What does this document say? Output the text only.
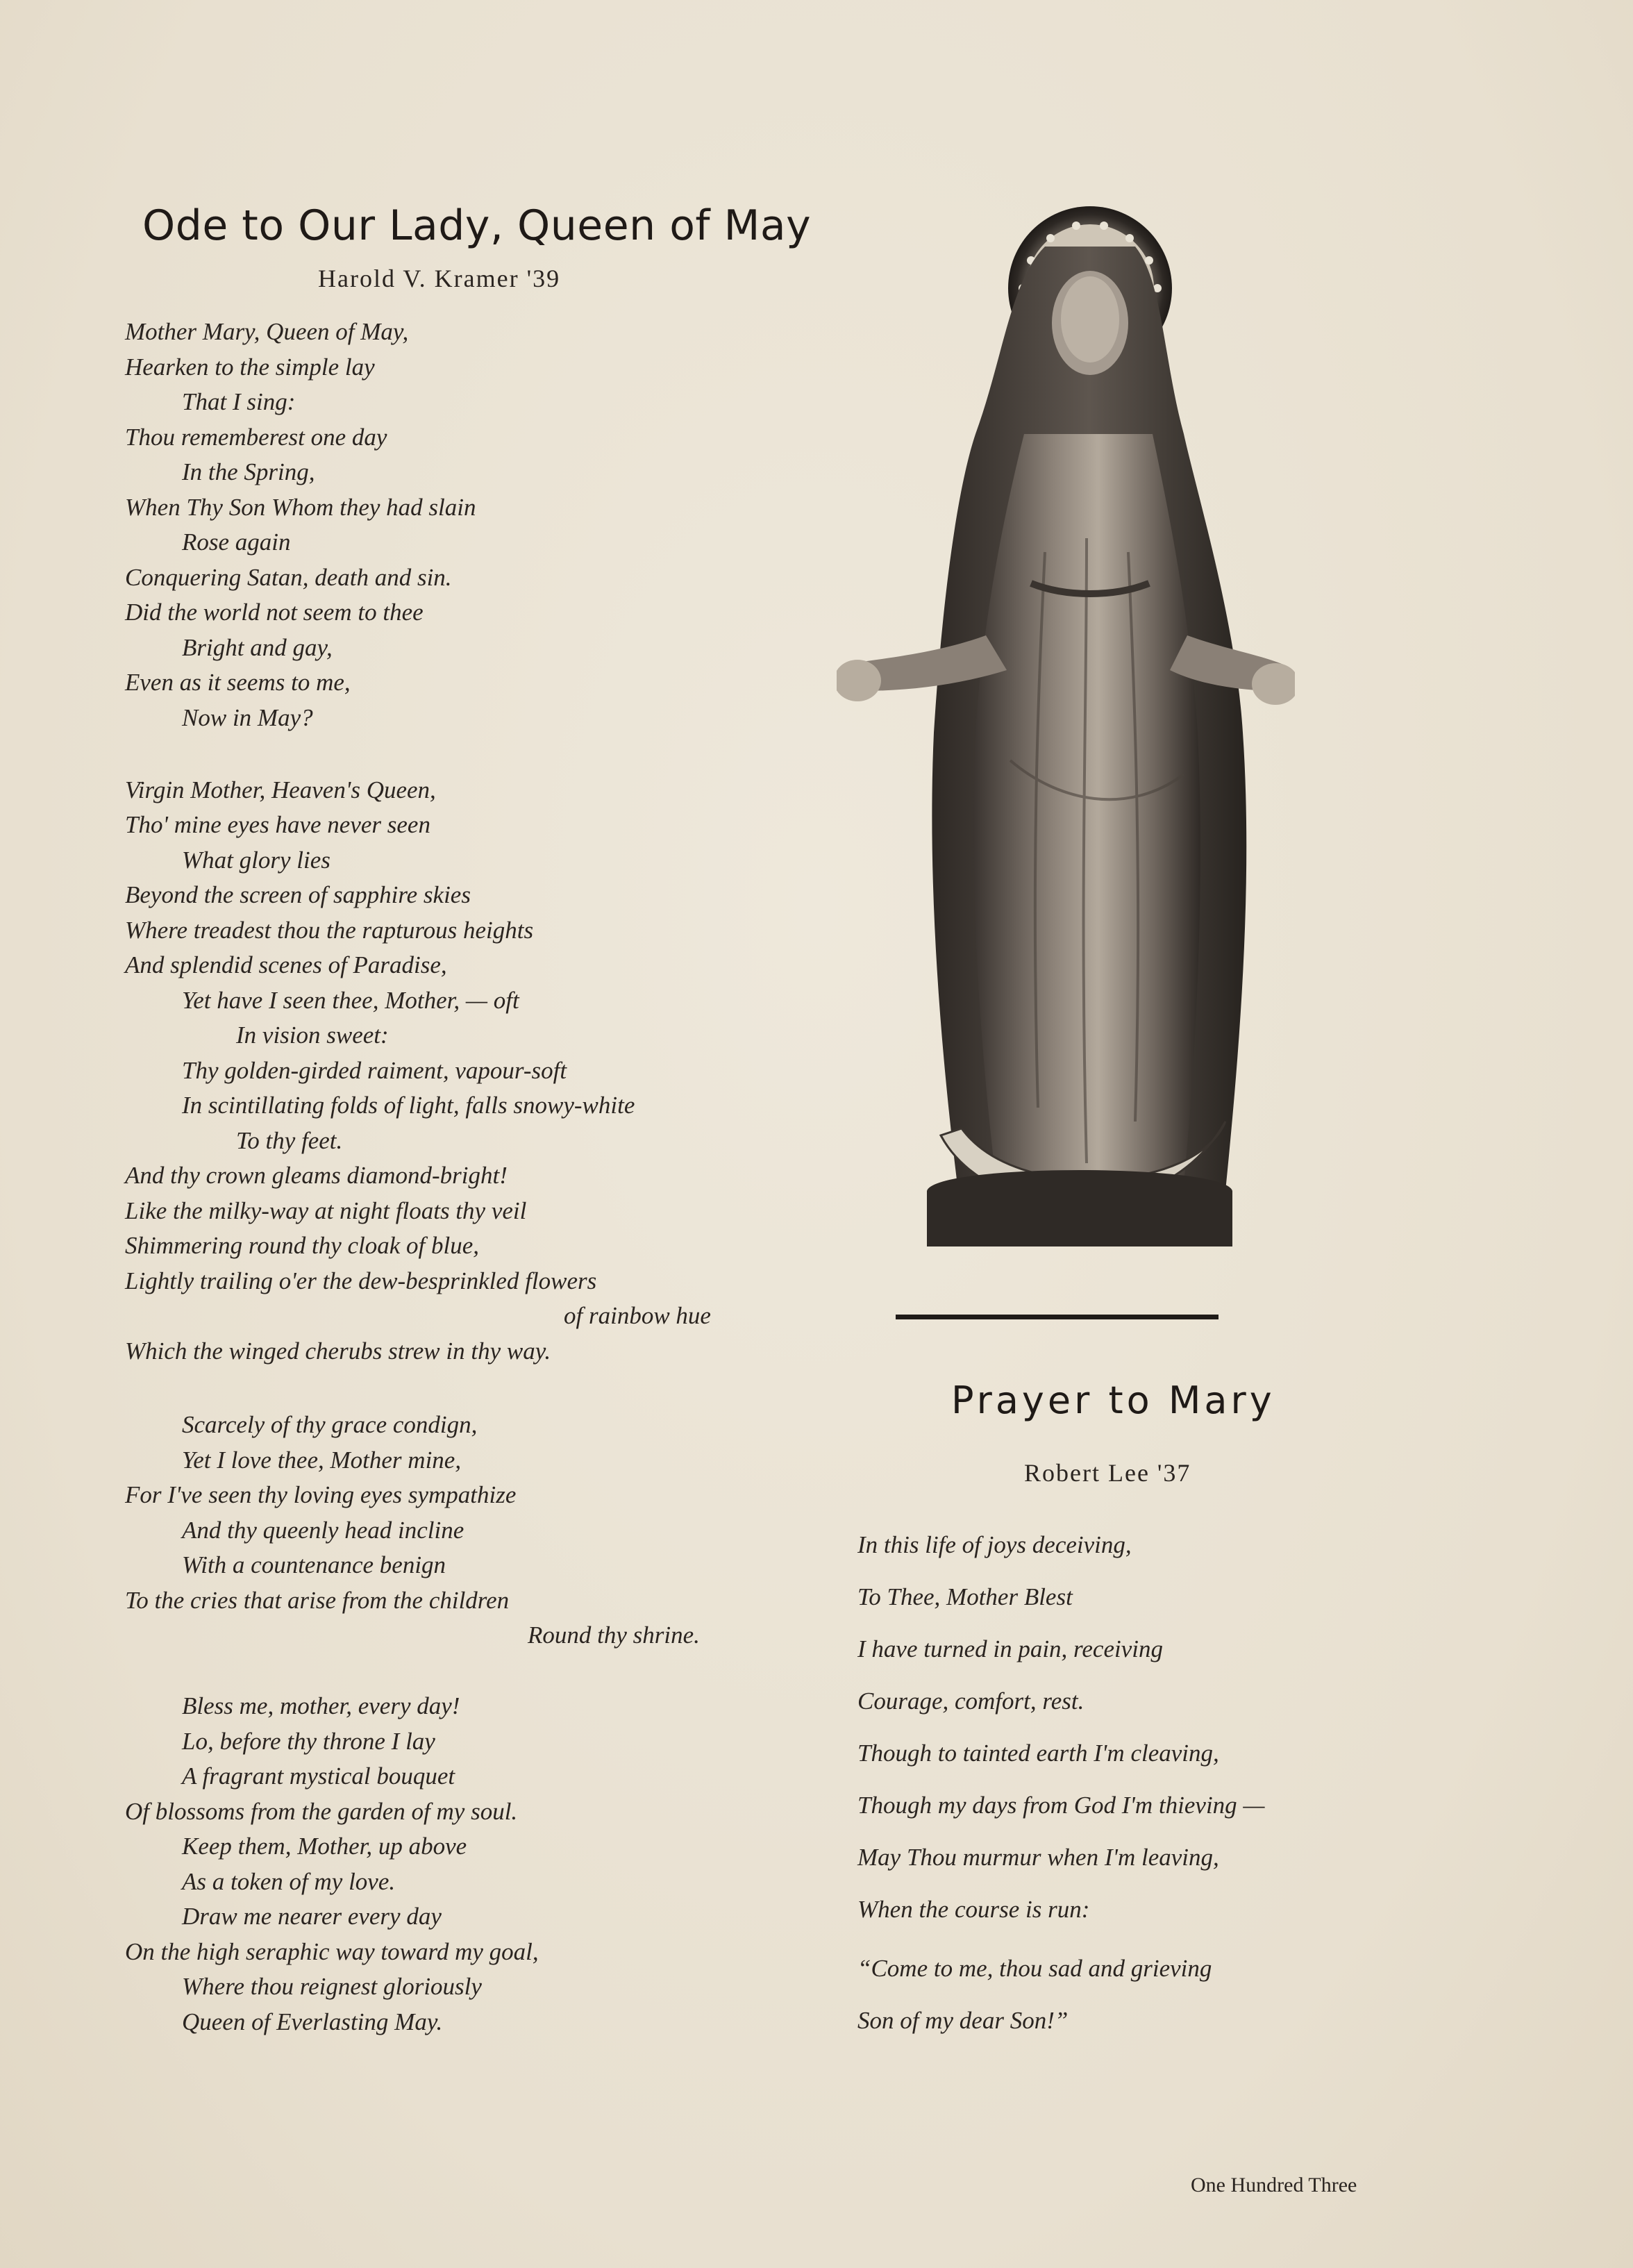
Ode to Our Lady, Queen of May
Harold V. Kramer '39
Mother Mary, Queen of May,
Hearken to the simple lay
That I sing:
Thou rememberest one day
In the Spring,
When Thy Son Whom they had slain
Rose again
Conquering Satan, death and sin.
Did the world not seem to thee
Bright and gay,
Even as it seems to me,
Now in May?
Virgin Mother, Heaven's Queen,
Tho' mine eyes have never seen
What glory lies
Beyond the screen of sapphire skies
Where treadest thou the rapturous heights
And splendid scenes of Paradise,
Yet have I seen thee, Mother, — oft
In vision sweet:
Thy golden-girded raiment, vapour-soft
In scintillating folds of light, falls snowy-white
To thy feet.
And thy crown gleams diamond-bright!
Like the milky-way at night floats thy veil
Shimmering round thy cloak of blue,
Lightly trailing o'er the dew-besprinkled flowers
of rainbow hue
Which the winged cherubs strew in thy way.
Scarcely of thy grace condign,
Yet I love thee, Mother mine,
For I've seen thy loving eyes sympathize
And thy queenly head incline
With a countenance benign
To the cries that arise from the children
Round thy shrine.
Bless me, mother, every day!
Lo, before thy throne I lay
A fragrant mystical bouquet
Of blossoms from the garden of my soul.
Keep them, Mother, up above
As a token of my love.
Draw me nearer every day
On the high seraphic way toward my goal,
Where thou reignest gloriously
Queen of Everlasting May.
Prayer to Mary
Robert Lee '37
In this life of joys deceiving,
To Thee, Mother Blest
I have turned in pain, receiving
Courage, comfort, rest.
Though to tainted earth I'm cleaving,
Though my days from God I'm thieving —
May Thou murmur when I'm leaving,
When the course is run:
“Come to me, thou sad and grieving
Son of my dear Son!”
One Hundred Three
